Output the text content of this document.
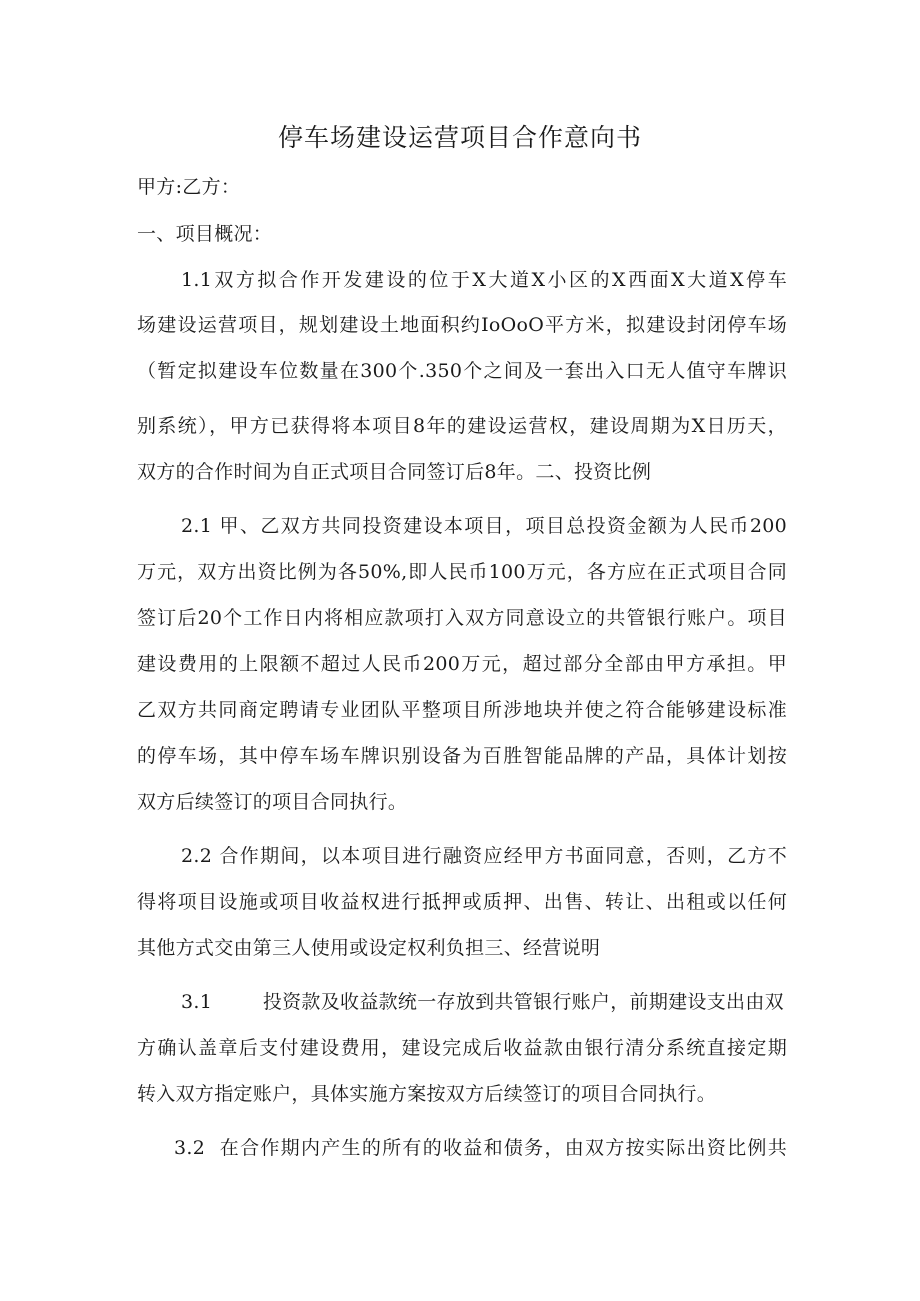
停车场建设运营项目合作意向书
甲方:乙方：
一、项目概况：
1.1双方拟合作开发建设的位于X大道X小区的X西面X大道X停车
场建设运营项目，规划建设土地面积约IoOoO平方米，拟建设封闭停车场
（暂定拟建设车位数量在300个.350个之间及一套出入口无人值守车牌识
别系统），甲方已获得将本项目8年的建设运营权，建设周期为X日历天，
双方的合作时间为自正式项目合同签订后8年。二、投资比例
2.1 甲、乙双方共同投资建设本项目，项目总投资金额为人民币200
万元，双方出资比例为各50%,即人民币100万元，各方应在正式项目合同
签订后20个工作日内将相应款项打入双方同意设立的共管银行账户。项目
建设费用的上限额不超过人民币200万元，超过部分全部由甲方承担。甲
乙双方共同商定聘请专业团队平整项目所涉地块并使之符合能够建设标准
的停车场，其中停车场车牌识别设备为百胜智能品牌的产品，具体计划按
双方后续签订的项目合同执行。
2.2 合作期间，以本项目进行融资应经甲方书面同意，否则，乙方不
得将项目设施或项目收益权进行抵押或质押、出售、转让、出租或以任何
其他方式交由第三人使用或设定权利负担三、经营说明
3.1        投资款及收益款统一存放到共管银行账户，前期建设支出由双
方确认盖章后支付建设费用，建设完成后收益款由银行清分系统直接定期
转入双方指定账户，具体实施方案按双方后续签订的项目合同执行。
3.2  在合作期内产生的所有的收益和债务，由双方按实际出资比例共
